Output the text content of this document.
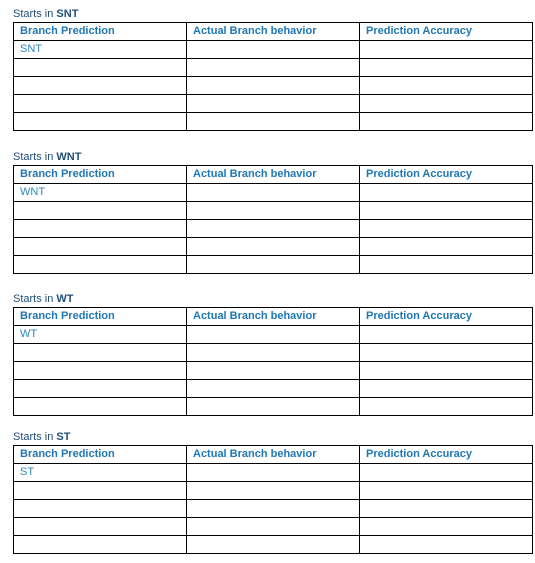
Starts in SNT
Branch Prediction	Actual Branch behavior	Prediction Accuracy
SNT		

Starts in WNT
Branch Prediction	Actual Branch behavior	Prediction Accuracy
WNT		

Starts in WT
Branch Prediction	Actual Branch behavior	Prediction Accuracy
WT		

Starts in ST
Branch Prediction	Actual Branch behavior	Prediction Accuracy
ST		
